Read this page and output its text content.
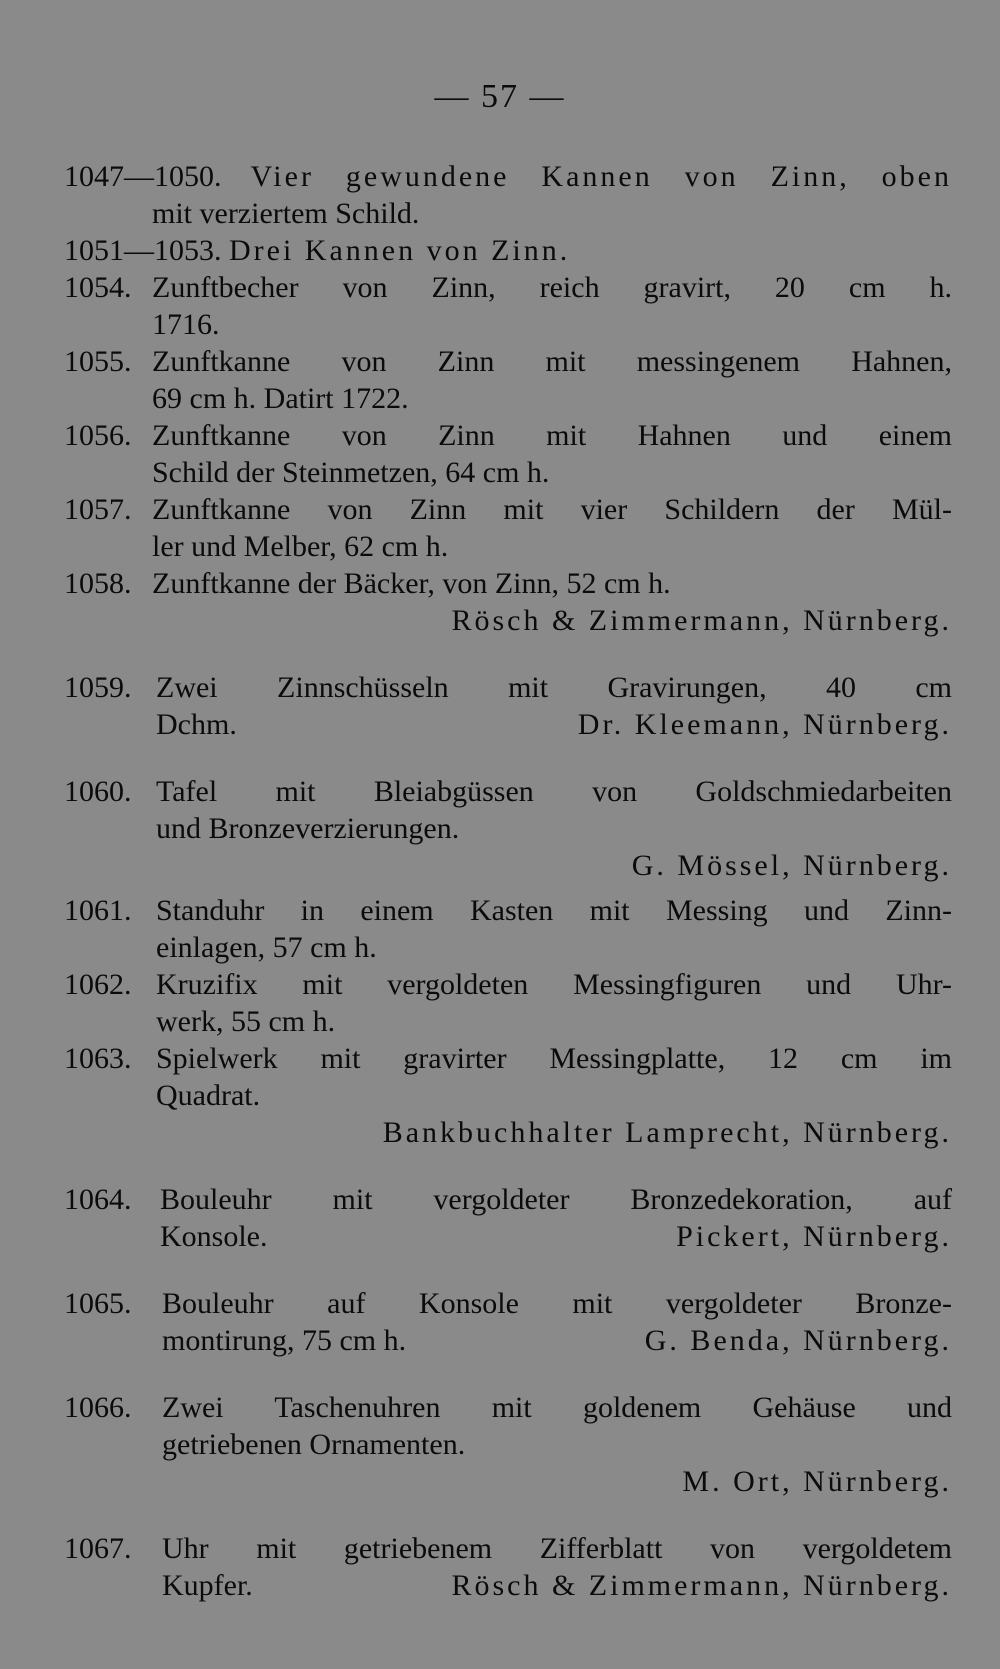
— 57 —
1047—1050. Vier gewundene Kannen von Zinn, oben
mit verziertem Schild.
1051—1053. Drei Kannen von Zinn.
1054. Zunftbecher von Zinn, reich gravirt, 20 cm h.
1716.
1055. Zunftkanne von Zinn mit messingenem Hahnen,
69 cm h. Datirt 1722.
1056. Zunftkanne von Zinn mit Hahnen und einem
Schild der Steinmetzen, 64 cm h.
1057. Zunftkanne von Zinn mit vier Schildern der Mül-
ler und Melber, 62 cm h.
1058. Zunftkanne der Bäcker, von Zinn, 52 cm h.
Rösch & Zimmermann, Nürnberg.
1059. Zwei Zinnschüsseln mit Gravirungen, 40 cm
Dchm.	Dr. Kleemann, Nürnberg.
1060. Tafel mit Bleiabgüssen von Goldschmiedarbeiten
und Bronzeverzierungen.
G. Mössel, Nürnberg.
1061. Standuhr in einem Kasten mit Messing und Zinn-
einlagen, 57 cm h.
1062. Kruzifix mit vergoldeten Messingfiguren und Uhr-
werk, 55 cm h.
1063. Spielwerk mit gravirter Messingplatte, 12 cm im
Quadrat.
Bankbuchhalter Lamprecht, Nürnberg.
1064. Bouleuhr mit vergoldeter Bronzedekoration, auf
Konsole.	Pickert, Nürnberg.
1065. Bouleuhr auf Konsole mit vergoldeter Bronze-
montirung, 75 cm h.	G. Benda, Nürnberg.
1066. Zwei Taschenuhren mit goldenem Gehäuse und
getriebenen Ornamenten.
M. Ort, Nürnberg.
1067. Uhr mit getriebenem Zifferblatt von vergoldetem
Kupfer.	Rösch & Zimmermann, Nürnberg.
